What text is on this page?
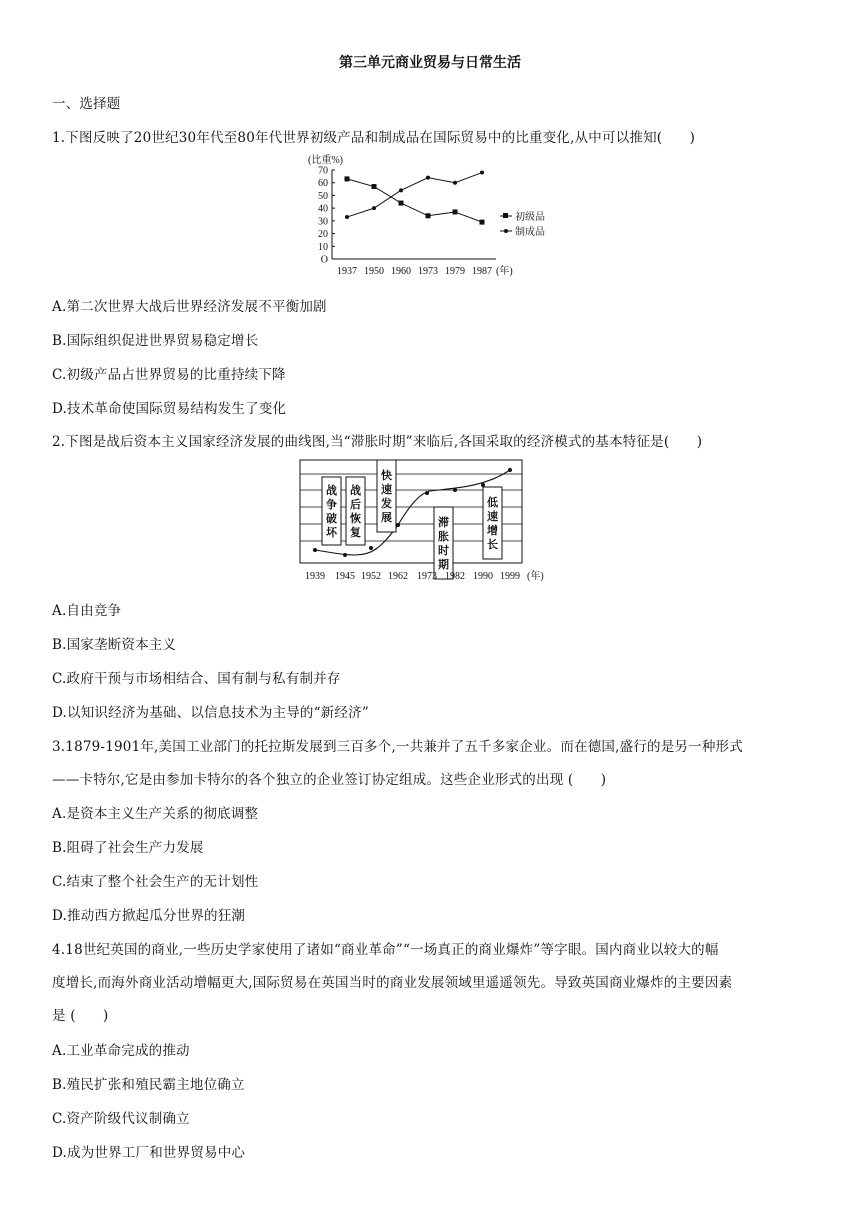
第三单元商业贸易与日常生活
一、选择题
1.下图反映了20世纪30年代至80年代世界初级产品和制成品在国际贸易中的比重变化,从中可以推知(　　)
(比重%)
70
60
50
40
30
20
10
O
1937 1950 1960 1973 1979 1987 (年)
初级品
制成品
A.第二次世界大战后世界经济发展不平衡加剧
B.国际组织促进世界贸易稳定增长
C.初级产品占世界贸易的比重持续下降
D.技术革命使国际贸易结构发生了变化
2.下图是战后资本主义国家经济发展的曲线图,当“滞胀时期”来临后,各国采取的经济模式的基本特征是(　　)
战争破坏
战后恢复
快速发展	滞胀时期
低速增长
1939 1945 1952 1962 1973 1982 1990 1999 (年)
A.自由竞争
B.国家垄断资本主义
C.政府干预与市场相结合、国有制与私有制并存
D.以知识经济为基础、以信息技术为主导的“新经济”
3.1879-1901年,美国工业部门的托拉斯发展到三百多个,一共兼并了五千多家企业。而在德国,盛行的是另一种形式
——卡特尔,它是由参加卡特尔的各个独立的企业签订协定组成。这些企业形式的出现 (　　)
A.是资本主义生产关系的彻底调整
B.阻碍了社会生产力发展
C.结束了整个社会生产的无计划性
D.推动西方掀起瓜分世界的狂潮
4.18世纪英国的商业,一些历史学家使用了诸如“商业革命”“一场真正的商业爆炸”等字眼。国内商业以较大的幅
度增长,而海外商业活动增幅更大,国际贸易在英国当时的商业发展领域里遥遥领先。导致英国商业爆炸的主要因素
是 (　　)
A.工业革命完成的推动
B.殖民扩张和殖民霸主地位确立
C.资产阶级代议制确立
D.成为世界工厂和世界贸易中心
